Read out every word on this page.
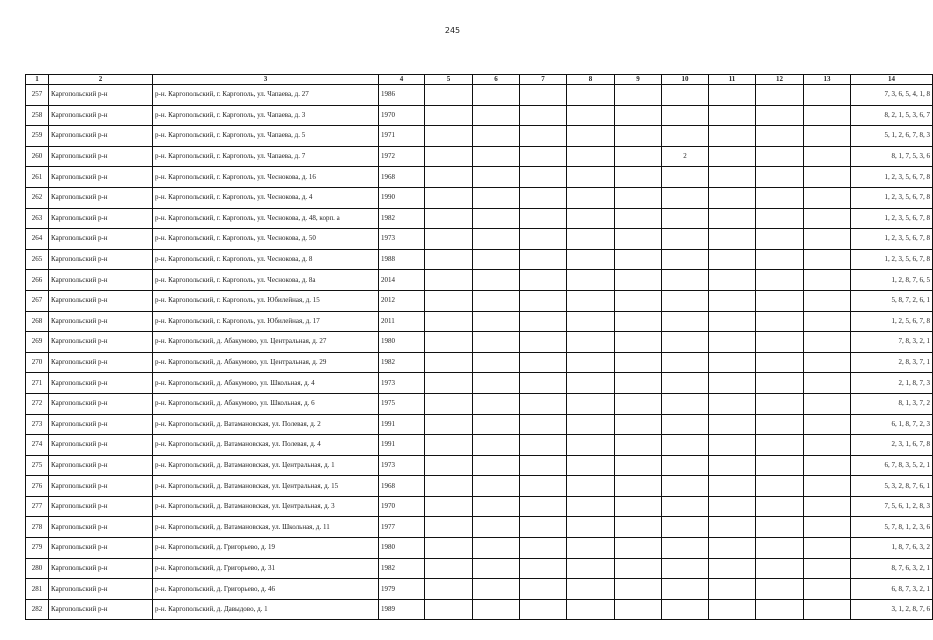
245
1	2	3	4	5	6	7	8	9	10	11	12	13	14
257	Каргопольский р-н	р-н. Каргопольский, г. Каргополь, ул. Чапаева, д. 27	1986										7, 3, 6, 5, 4, 1, 8
258	Каргопольский р-н	р-н. Каргопольский, г. Каргополь, ул. Чапаева, д. 3	1970										8, 2, 1, 5, 3, 6, 7
259	Каргопольский р-н	р-н. Каргопольский, г. Каргополь, ул. Чапаева, д. 5	1971										5, 1, 2, 6, 7, 8, 3
260	Каргопольский р-н	р-н. Каргопольский, г. Каргополь, ул. Чапаева, д. 7	1972						2				8, 1, 7, 5, 3, 6
261	Каргопольский р-н	р-н. Каргопольский, г. Каргополь, ул. Чеснокова, д. 16	1968										1, 2, 3, 5, 6, 7, 8
262	Каргопольский р-н	р-н. Каргопольский, г. Каргополь, ул. Чеснокова, д. 4	1990										1, 2, 3, 5, 6, 7, 8
263	Каргопольский р-н	р-н. Каргопольский, г. Каргополь, ул. Чеснокова, д. 48, корп. а	1982										1, 2, 3, 5, 6, 7, 8
264	Каргопольский р-н	р-н. Каргопольский, г. Каргополь, ул. Чеснокова, д. 50	1973										1, 2, 3, 5, 6, 7, 8
265	Каргопольский р-н	р-н. Каргопольский, г. Каргополь, ул. Чеснокова, д. 8	1988										1, 2, 3, 5, 6, 7, 8
266	Каргопольский р-н	р-н. Каргопольский, г. Каргополь, ул. Чеснокова, д. 8а	2014										1, 2, 8, 7, 6, 5
267	Каргопольский р-н	р-н. Каргопольский, г. Каргополь, ул. Юбилейная, д. 15	2012										5, 8, 7, 2, 6, 1
268	Каргопольский р-н	р-н. Каргопольский, г. Каргополь, ул. Юбилейная, д. 17	2011										1, 2, 5, 6, 7, 8
269	Каргопольский р-н	р-н. Каргопольский, д. Абакумово, ул. Центральная, д. 27	1980										7, 8, 3, 2, 1
270	Каргопольский р-н	р-н. Каргопольский, д. Абакумово, ул. Центральная, д. 29	1982										2, 8, 3, 7, 1
271	Каргопольский р-н	р-н. Каргопольский, д. Абакумово, ул. Школьная, д. 4	1973										2, 1, 8, 7, 3
272	Каргопольский р-н	р-н. Каргопольский, д. Абакумово, ул. Школьная, д. 6	1975										8, 1, 3, 7, 2
273	Каргопольский р-н	р-н. Каргопольский, д. Ватамановская, ул. Полевая, д. 2	1991										6, 1, 8, 7, 2, 3
274	Каргопольский р-н	р-н. Каргопольский, д. Ватамановская, ул. Полевая, д. 4	1991										2, 3, 1, 6, 7, 8
275	Каргопольский р-н	р-н. Каргопольский, д. Ватамановская, ул. Центральная, д. 1	1973										6, 7, 8, 3, 5, 2, 1
276	Каргопольский р-н	р-н. Каргопольский, д. Ватамановская, ул. Центральная, д. 15	1968										5, 3, 2, 8, 7, 6, 1
277	Каргопольский р-н	р-н. Каргопольский, д. Ватамановская, ул. Центральная, д. 3	1970										7, 5, 6, 1, 2, 8, 3
278	Каргопольский р-н	р-н. Каргопольский, д. Ватамановская, ул. Школьная, д. 11	1977										5, 7, 8, 1, 2, 3, 6
279	Каргопольский р-н	р-н. Каргопольский, д. Григорьево, д. 19	1980										1, 8, 7, 6, 3, 2
280	Каргопольский р-н	р-н. Каргопольский, д. Григорьево, д. 31	1982										8, 7, 6, 3, 2, 1
281	Каргопольский р-н	р-н. Каргопольский, д. Григорьево, д. 46	1979										6, 8, 7, 3, 2, 1
282	Каргопольский р-н	р-н. Каргопольский, д. Давыдово, д. 1	1989										3, 1, 2, 8, 7, 6
